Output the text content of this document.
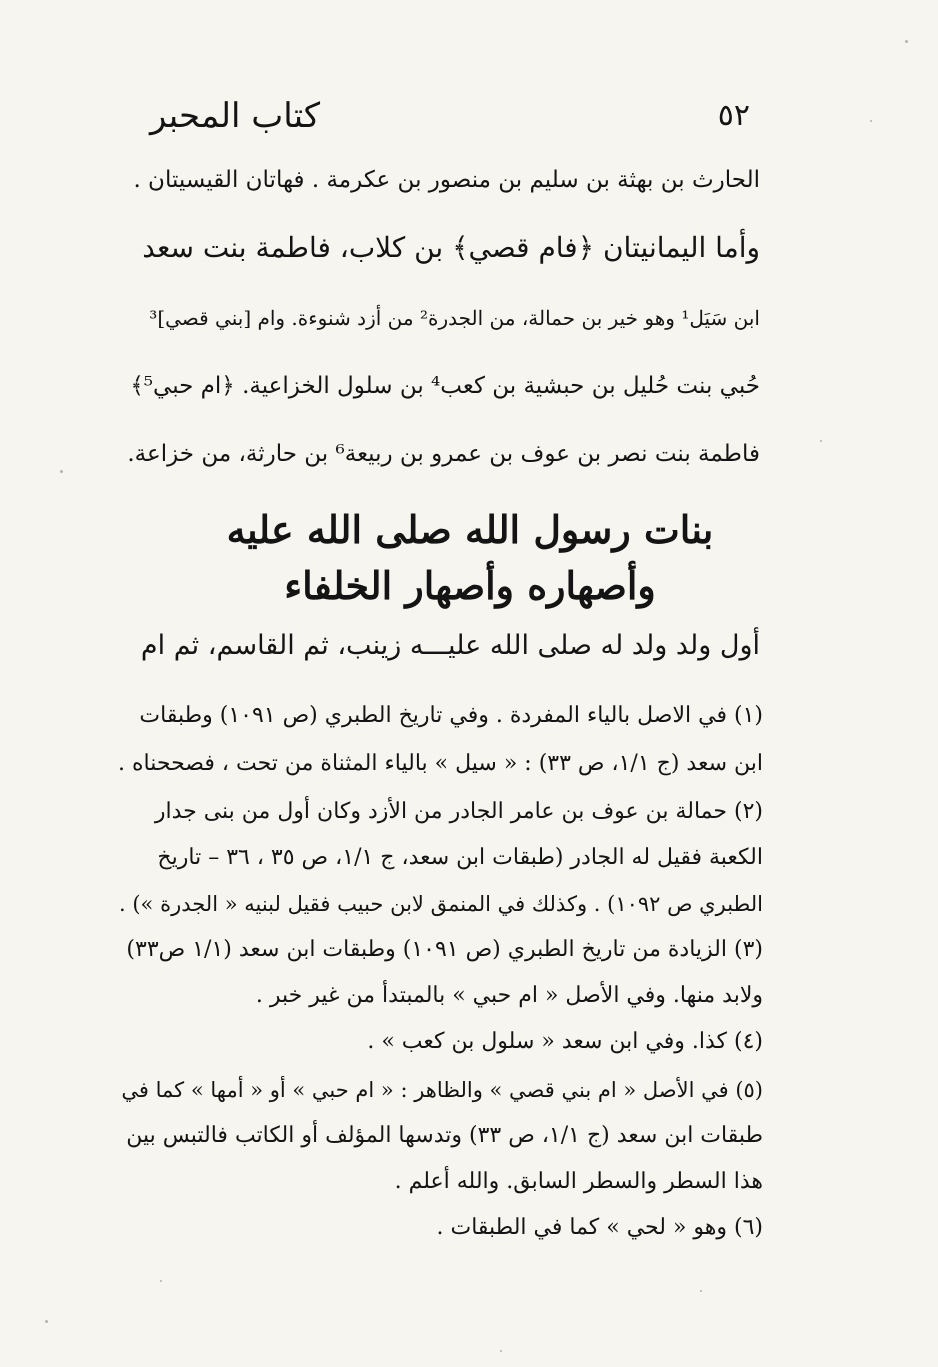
٥٢
كتاب المحبر
الحارث بن بهثة بن سليم بن منصور بن عكرمة . فهاتان القيسيتان .
وأما اليمانيتان ﴿فام قصي﴾ بن كلاب، فاطمة بنت سعد
ابن سَيَل¹ وهو خير بن حمالة، من الجدرة² من أزد شنوءة. وام [بني قصي]³
حُبي بنت حُليل بن حبشية بن كعب⁴ بن سلول الخزاعية. ﴿ام حبي⁵﴾
فاطمة بنت نصر بن عوف بن عمرو بن ربيعة⁶ بن حارثة، من خزاعة.
بنات رسول الله صلى الله عليه
وأصهاره وأصهار الخلفاء
أول ولد ولد له صلى الله عليـــه زينب، ثم القاسم، ثم ام
(١) في الاصل بالياء المفردة . وفي تاريخ الطبري (ص ١٠٩١) وطبقات
ابن سعد (ج ١/١، ص ٣٣) : « سيل » بالياء المثناة من تحت ، فصححناه .
(٢) حمالة بن عوف بن عامر الجادر من الأزد وكان أول من بنى جدار
الكعبة فقيل له الجادر (طبقات ابن سعد، ج ١/١، ص ٣٥ ، ٣٦ – تاريخ
الطبري ص ١٠٩٢) . وكذلك في المنمق لابن حبيب فقيل لبنيه « الجدرة ») .
(٣) الزيادة من تاريخ الطبري (ص ١٠٩١) وطبقات ابن سعد (١/١ ص٣٣)
ولابد منها. وفي الأصل « ام حبي » بالمبتدأ من غير خبر .
(٤) كذا. وفي ابن سعد « سلول بن كعب » .
(٥) في الأصل « ام بني قصي » والظاهر : « ام حبي » أو « أمها » كما في
طبقات ابن سعد (ج ١/١، ص ٣٣) وتدسها المؤلف أو الكاتب فالتبس بين
هذا السطر والسطر السابق. والله أعلم .
(٦) وهو « لحي » كما في الطبقات .
